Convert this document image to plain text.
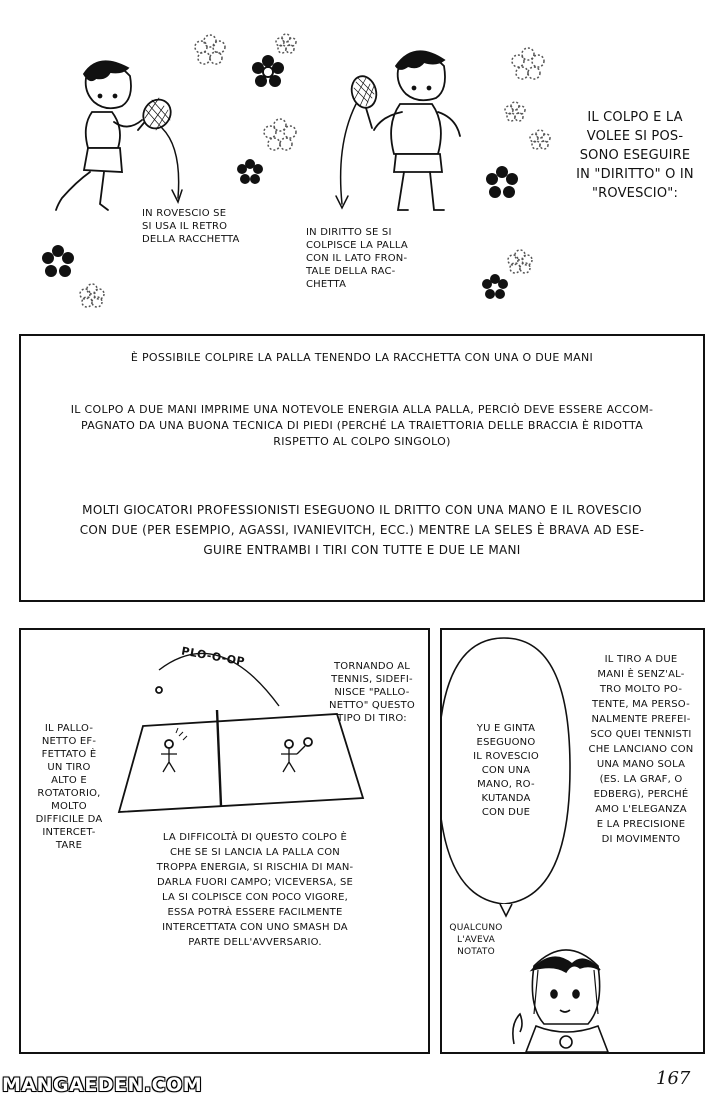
IN ROVESCIO SE
SI USA IL RETRO
DELLA RACCHETTA
IN DIRITTO SE SI
COLPISCE LA PALLA
CON IL LATO FRON-
TALE DELLA RAC-
CHETTA
IL COLPO E LA
VOLEE SI POS-
SONO ESEGUIRE
IN "DIRITTO" O IN
"ROVESCIO":
È POSSIBILE COLPIRE LA PALLA TENENDO LA RACCHETTA CON UNA O DUE MANI
IL COLPO A DUE MANI IMPRIME UNA NOTEVOLE ENERGIA ALLA PALLA, PERCIÒ DEVE ESSERE ACCOM-
PAGNATO DA UNA BUONA TECNICA DI PIEDI (PERCHÉ LA TRAIETTORIA DELLE BRACCIA È RIDOTTA
RISPETTO AL COLPO SINGOLO)
MOLTI GIOCATORI PROFESSIONISTI ESEGUONO IL DRITTO CON UNA MANO E IL ROVESCIO
CON DUE (PER ESEMPIO, AGASSI, IVANIEVITCH, ECC.) MENTRE LA SELES È BRAVA AD ESE-
GUIRE ENTRAMBI I TIRI CON TUTTE E DUE LE MANI
PLO-O-OP	TORNANDO AL
TENNIS, SIDEFI-
NISCE "PALLO-
NETTO" QUESTO
TIPO DI TIRO:
IL PALLO-
NETTO EF-
FETTATO È
UN TIRO
ALTO E
ROTATORIO,
MOLTO
DIFFICILE DA
INTERCET-
TARE
LA DIFFICOLTÀ DI QUESTO COLPO È
CHE SE SI LANCIA LA PALLA CON
TROPPA ENERGIA, SI RISCHIA DI MAN-
DARLA FUORI CAMPO; VICEVERSA, SE
LA SI COLPISCE CON POCO VIGORE,
ESSA POTRÀ ESSERE FACILMENTE
INTERCETTATA CON UNO SMASH DA
PARTE DELL'AVVERSARIO.
YU E GINTA
ESEGUONO
IL ROVESCIO
CON UNA
MANO, RO-
KUTANDA
CON DUE
IL TIRO A DUE
MANI È SENZ'AL-
TRO MOLTO PO-
TENTE, MA PERSO-
NALMENTE PREFEI-
SCO QUEI TENNISTI
CHE LANCIANO CON
UNA MANO SOLA
(ES. LA GRAF, O
EDBERG), PERCHÉ
AMO L'ELEGANZA
E LA PRECISIONE
DI MOVIMENTO
QUALCUNO
L'AVEVA
NOTATO
MANGAEDEN.COM	167
